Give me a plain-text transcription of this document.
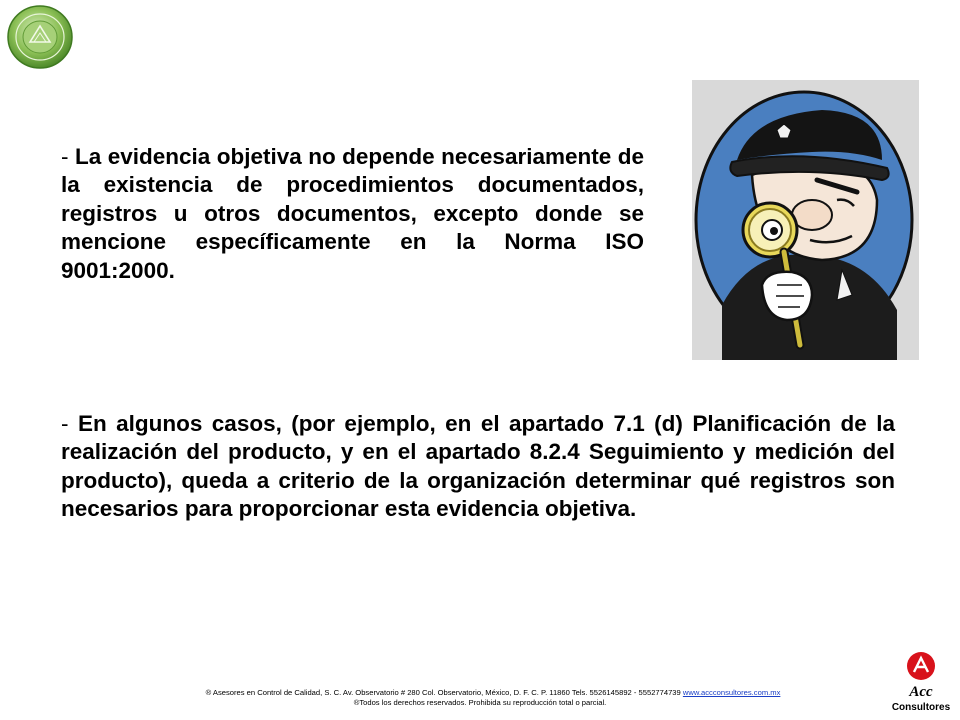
- La evidencia objetiva no depende necesariamente de la existencia de procedimientos documentados, registros u otros documentos, excepto donde se mencione específicamente en la Norma ISO 9001:2000.

- En algunos casos, (por ejemplo, en el apartado 7.1 (d) Planificación de la realización del producto, y en el apartado 8.2.4 Seguimiento y medición del producto), queda a criterio de la organización determinar qué registros son necesarios para proporcionar esta evidencia objetiva.

® Asesores en Control de Calidad, S. C. Av. Observatorio # 280 Col. Observatorio, México, D. F. C. P. 11860 Tels. 5526145892 - 5552774739 www.accconsultores.com.mx
®Todos los derechos reservados. Prohibida su reproducción total o parcial.
Acc
Consultores
